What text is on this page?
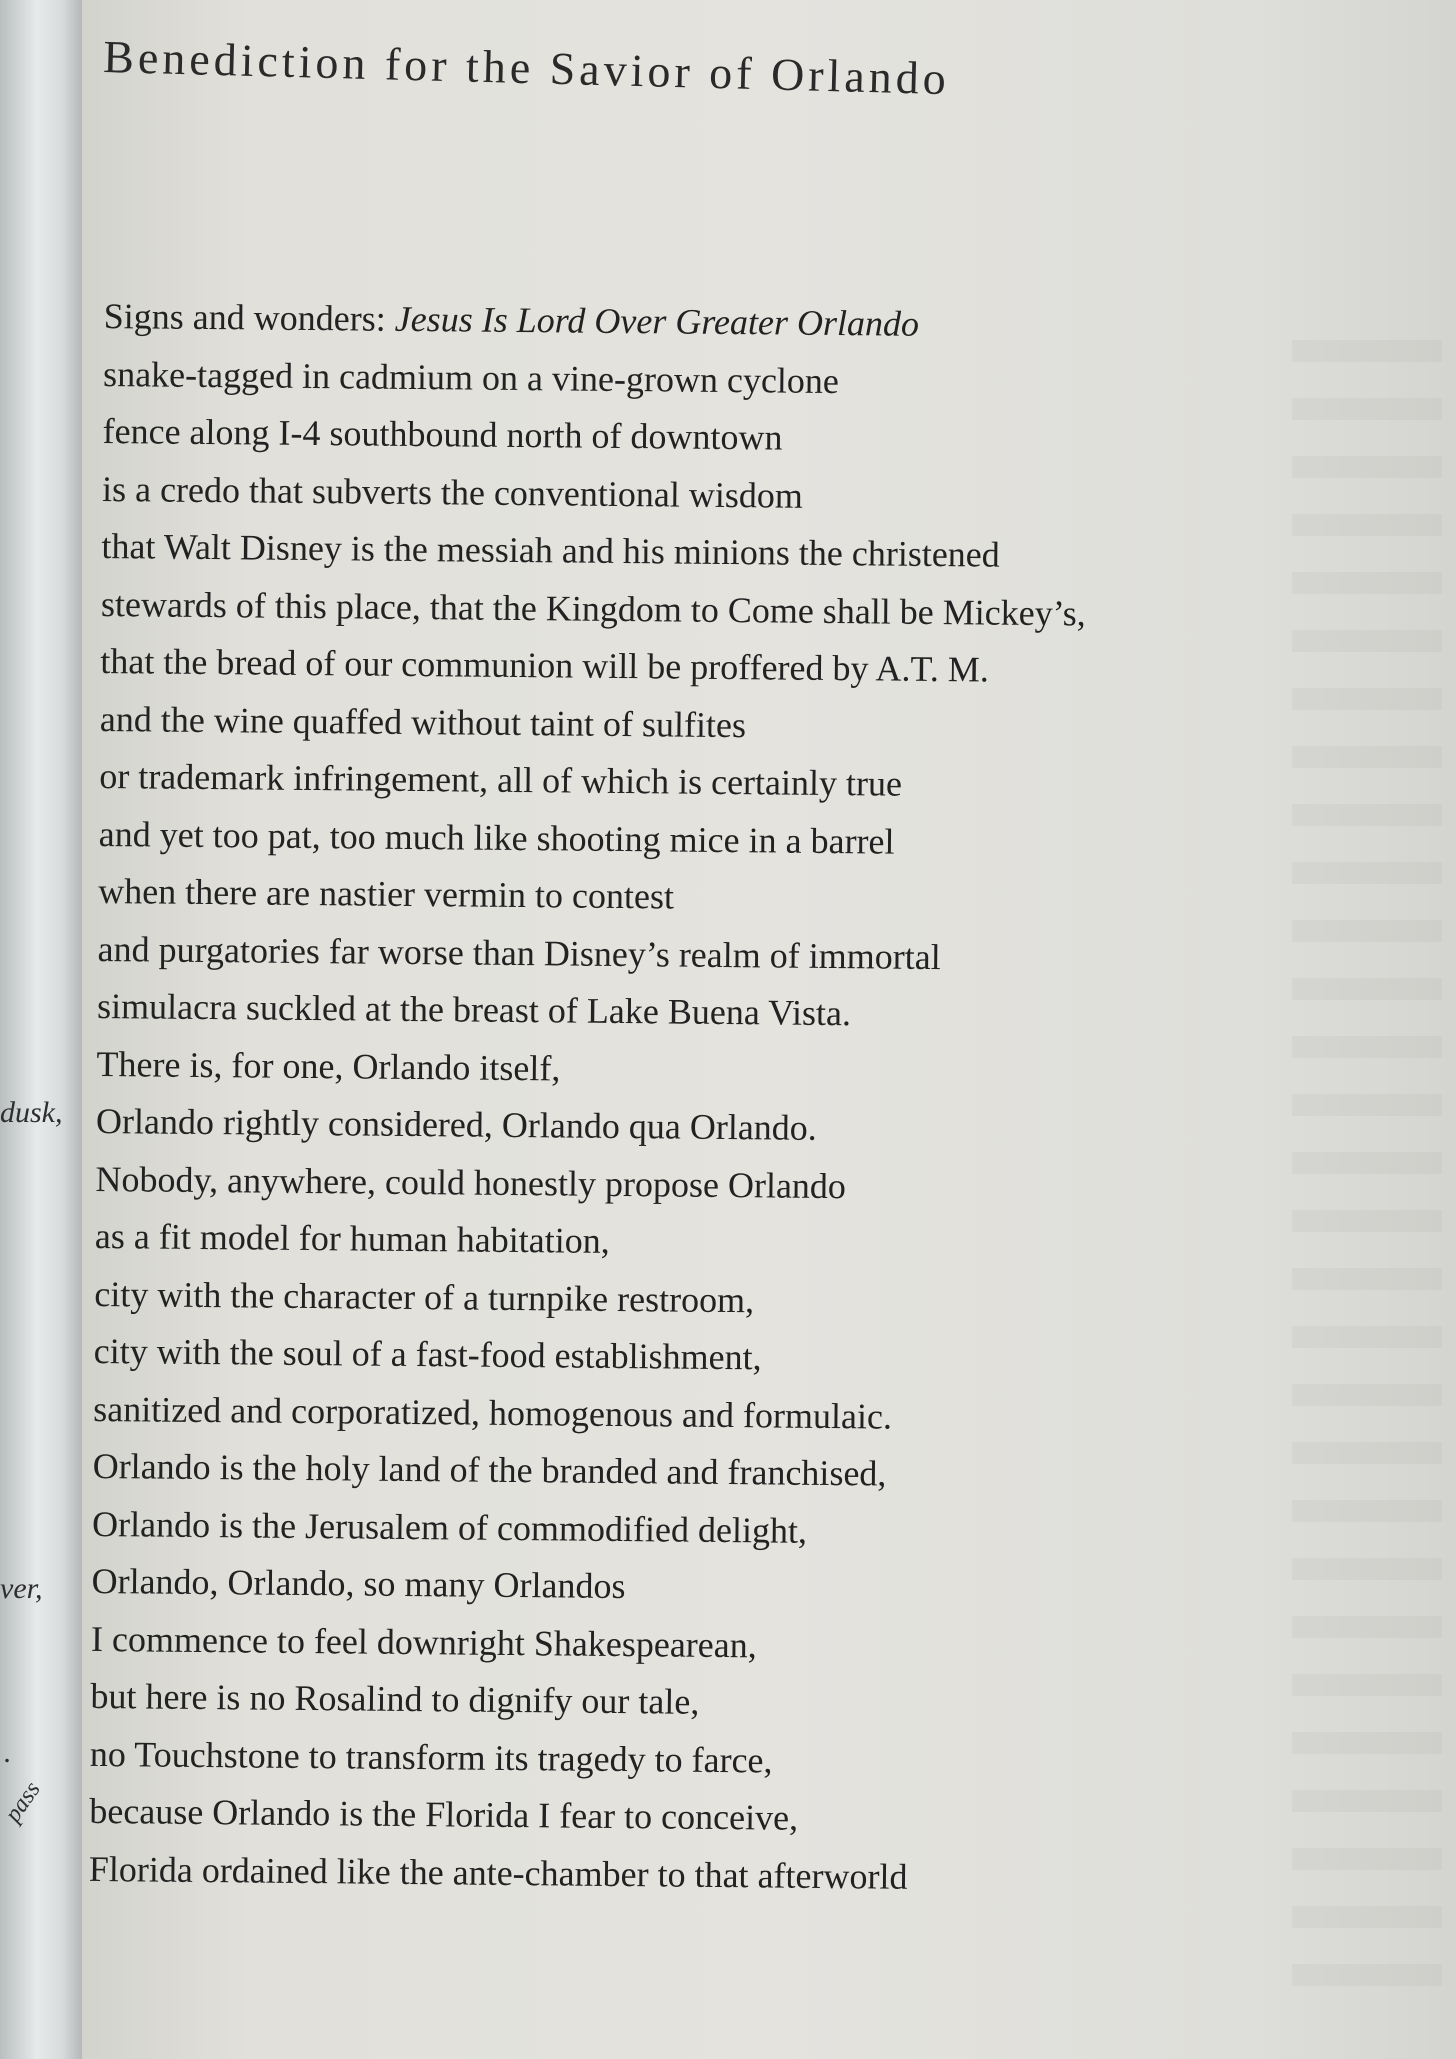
dusk,
ver,
.
pass
Benediction for the Savior of Orlando
Signs and wonders: Jesus Is Lord Over Greater Orlando
snake-tagged in cadmium on a vine-grown cyclone
fence along I-4 southbound north of downtown
is a credo that subverts the conventional wisdom
that Walt Disney is the messiah and his minions the christened
stewards of this place, that the Kingdom to Come shall be Mickey’s,
that the bread of our communion will be proffered by A.T. M.
and the wine quaffed without taint of sulfites
or trademark infringement, all of which is certainly true
and yet too pat, too much like shooting mice in a barrel
when there are nastier vermin to contest
and purgatories far worse than Disney’s realm of immortal
simulacra suckled at the breast of Lake Buena Vista.
There is, for one, Orlando itself,
Orlando rightly considered, Orlando qua Orlando.
Nobody, anywhere, could honestly propose Orlando
as a fit model for human habitation,
city with the character of a turnpike restroom,
city with the soul of a fast-food establishment,
sanitized and corporatized, homogenous and formulaic.
Orlando is the holy land of the branded and franchised,
Orlando is the Jerusalem of commodified delight,
Orlando, Orlando, so many Orlandos
I commence to feel downright Shakespearean,
but here is no Rosalind to dignify our tale,
no Touchstone to transform its tragedy to farce,
because Orlando is the Florida I fear to conceive,
Florida ordained like the ante-chamber to that afterworld
